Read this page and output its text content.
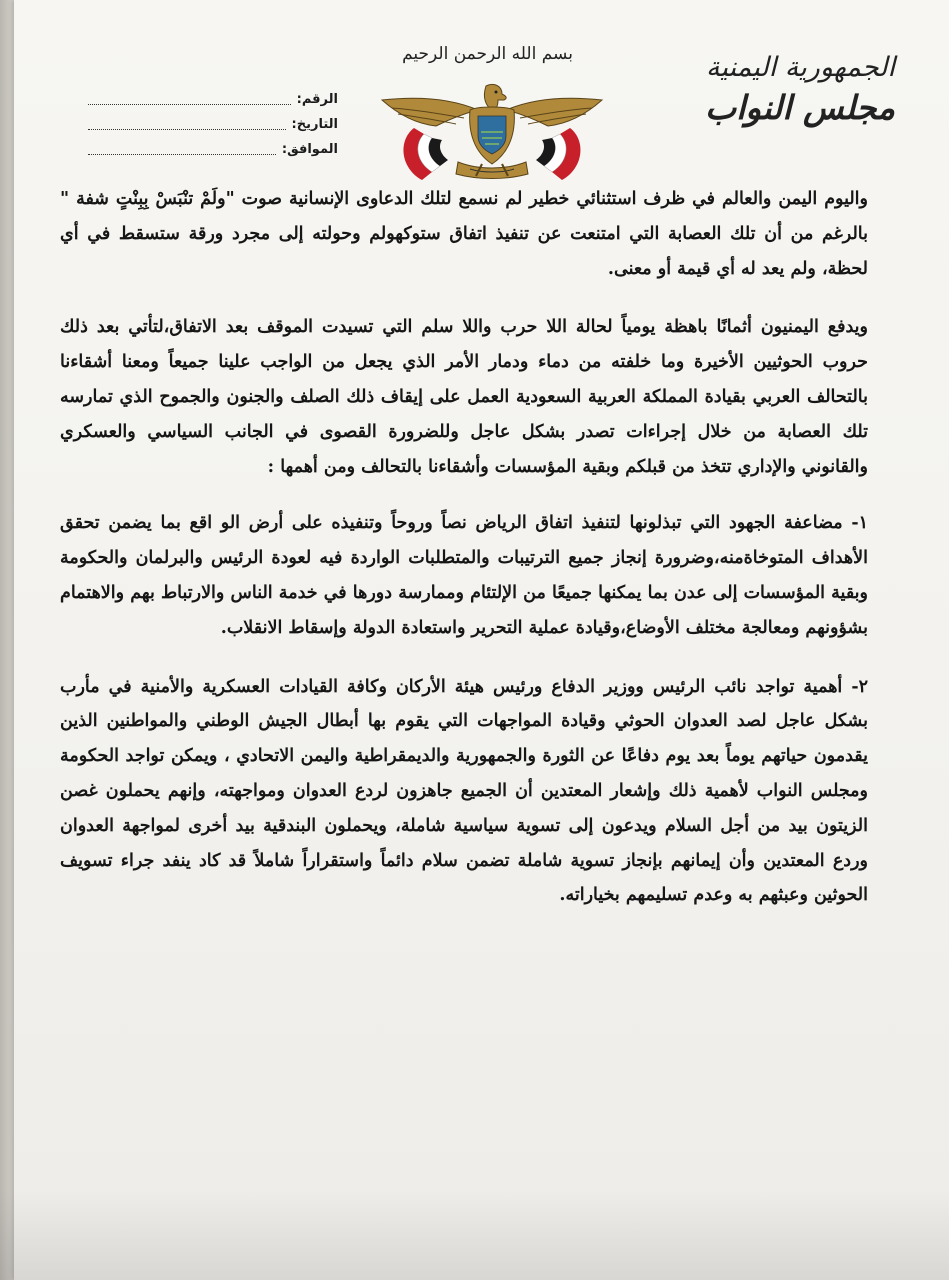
الرقم:
التاريخ:
الموافق:
بسم الله الرحمن الرحيم	الجمهورية اليمنية
مجلس النواب

واليوم اليمن والعالم في ظرف استثنائي خطير لم نسمع لتلك الدعاوى الإنسانية صوت "ولَمْ تنْبَسْ بِبِنْتٍ شفة " بالرغم من أن تلك العصابة التي امتنعت عن تنفيذ اتفاق ستوكهولم وحولته إلى مجرد ورقة ستسقط في أي لحظة، ولم يعد له أي قيمة أو معنى.

ويدفع اليمنيون أثمانًا باهظة يومياً لحالة اللا حرب واللا سلم التي تسيدت الموقف بعد الاتفاق،لتأتي بعد ذلك حروب الحوثيين الأخيرة وما خلفته من دماء ودمار الأمر الذي يجعل من الواجب علينا جميعاً ومعنا أشقاءنا بالتحالف العربي بقيادة المملكة العربية السعودية العمل على إيقاف ذلك الصلف والجنون والجموح الذي تمارسه تلك العصابة من خلال إجراءات تصدر بشكل عاجل وللضرورة القصوى في الجانب السياسي والعسكري والقانوني والإداري تتخذ من قبلكم وبقية المؤسسات وأشقاءنا بالتحالف ومن أهمها :

١- مضاعفة الجهود التي تبذلونها لتنفيذ اتفاق الرياض نصاً وروحاً وتنفيذه على أرض الو اقع بما يضمن تحقق الأهداف المتوخاةمنه،وضرورة إنجاز جميع الترتيبات والمتطلبات الواردة فيه لعودة الرئيس والبرلمان والحكومة وبقية المؤسسات إلى عدن بما يمكنها جميعًا من الإلتئام وممارسة دورها في خدمة الناس والارتباط بهم والاهتمام بشؤونهم ومعالجة مختلف الأوضاع،وقيادة عملية التحرير واستعادة الدولة وإسقاط الانقلاب.

٢- أهمية تواجد نائب الرئيس ووزير الدفاع ورئيس هيئة الأركان وكافة القيادات العسكرية والأمنية في مأرب بشكل عاجل لصد العدوان الحوثي وقيادة المواجهات التي يقوم بها أبطال الجيش الوطني والمواطنين الذين يقدمون حياتهم يوماً بعد يوم دفاعًا عن الثورة والجمهورية والديمقراطية واليمن الاتحادي ، ويمكن تواجد الحكومة ومجلس النواب لأهمية ذلك وإشعار المعتدين أن الجميع جاهزون لردع العدوان ومواجهته، وإنهم يحملون غصن الزيتون بيد من أجل السلام ويدعون إلى تسوية سياسية شاملة، ويحملون البندقية بيد أخرى لمواجهة العدوان وردع المعتدين وأن إيمانهم بإنجاز تسوية شاملة تضمن سلام دائماً واستقراراً شاملاً قد كاد ينفد جراء تسويف الحوثين وعبثهم به وعدم تسليمهم بخياراته.
